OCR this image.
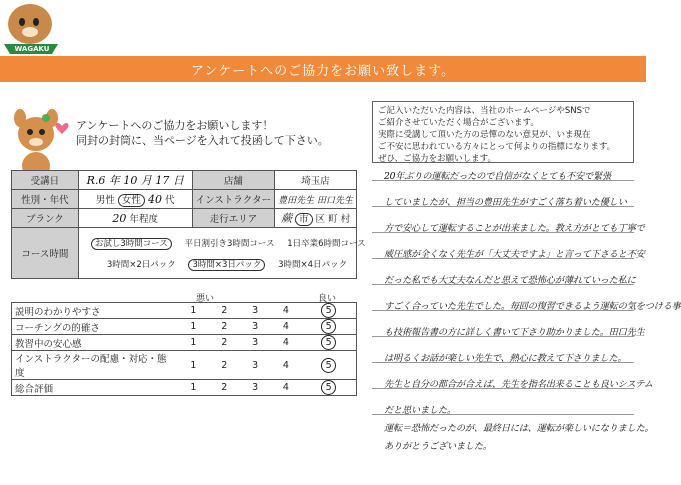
WAGAKU
アンケートへのご協力をお願い致します。
アンケートへのご協力をお願いします！
同封の封筒に、当ページを入れて投函して下さい。
受講日	R.6 年 10 月 17 日	店舗	埼玉店
性別・年代	男性 女性 40 代	インストラクター	豊田先生 田口先生
ブランク	20 年程度	走行エリア	蕨 市 区 町 村
コース時間	お試し3時間コース 平日割引き3時間コース 1日卒業6時間コース
3時間×2日パック 3時間×3日パック 3時間×4日パック		
悪い	良い
説明のわかりやすさ	1	2	3	4	5
コーチングの的確さ	1	2	3	4	5
教習中の安心感	1	2	3	4	5
インストラクターの配慮・対応・態度	1	2	3	4	5
総合評価	1	2	3	4	5
ご記入いただいた内容は、当社のホームページやSNSで
ご紹介させていただく場合がございます。
実際に受講して頂いた方の忌憚のない意見が、いま現在
ご不安に思われている方々にとって何よりの指標になります。
ぜひ、ご協力をお願いします。
20年ぶりの運転だったので自信がなくとても不安で緊張
していましたが、担当の豊田先生がすごく落ち着いた優しい
方で安心して運転することが出来ました。教え方がとても丁寧で
威圧感が全くなく先生が「大丈夫ですよ」と言って下さると不安
だった私でも大丈夫なんだと思えて恐怖心が薄れていった私に
すごく合っていた先生でした。毎回の復習できるよう運転の気をつける事
も技術報告書の方に詳しく書いて下さり助かりました。田口先生
は明るくお話が楽しい先生で、熱心に教えて下さりました。
先生と自分の都合が合えば、先生を指名出来ることも良いシステム
だと思いました。
運転＝恐怖だったのが、最終日には、運転が楽しいになりました。
ありがとうございました。
